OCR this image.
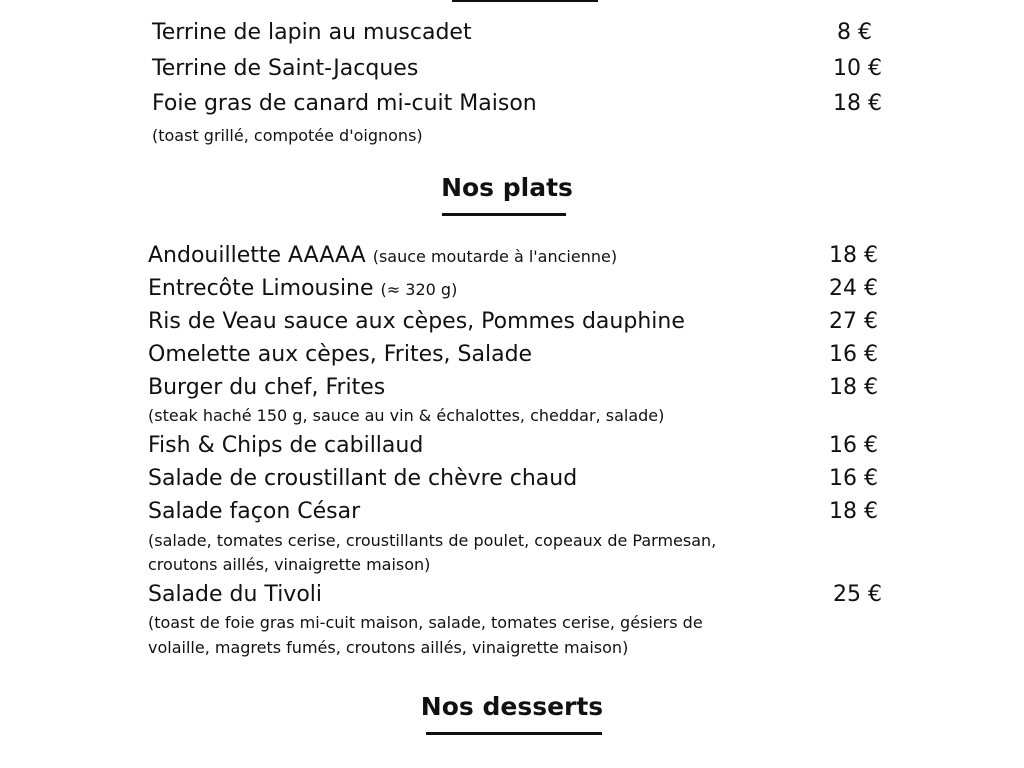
Terrine de lapin au muscadet	8 €
Terrine de Saint-Jacques	10 €
Foie gras de canard mi-cuit Maison	18 €
(toast grillé, compotée d'oignons)
Nos plats
Andouillette AAAAA (sauce moutarde à l'ancienne)	18 €
Entrecôte Limousine (≈ 320 g)	24 €
Ris de Veau sauce aux cèpes, Pommes dauphine	27 €
Omelette aux cèpes, Frites, Salade	16 €
Burger du chef, Frites	18 €
(steak haché 150 g, sauce au vin & échalottes, cheddar, salade)
Fish & Chips de cabillaud	16 €
Salade de croustillant de chèvre chaud	16 €
Salade façon César	18 €
(salade, tomates cerise, croustillants de poulet, copeaux de Parmesan,
croutons aillés, vinaigrette maison)
Salade du Tivoli	25 €
(toast de foie gras mi-cuit maison, salade, tomates cerise, gésiers de
volaille, magrets fumés, croutons aillés, vinaigrette maison)
Nos desserts
